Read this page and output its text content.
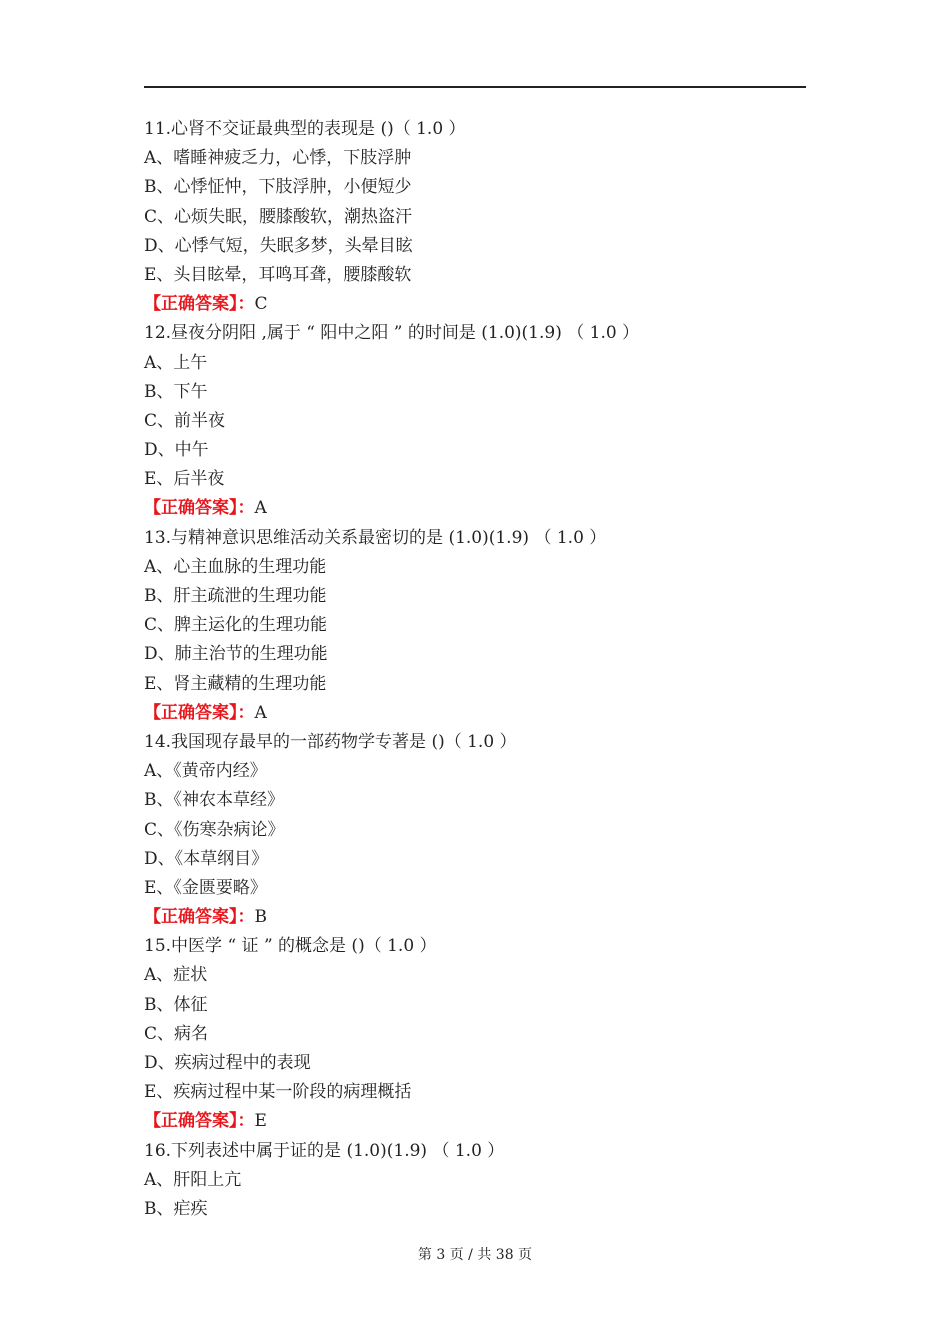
11.心肾不交证最典型的表现是 ()（ 1.0 ）
A、嗜睡神疲乏力，心悸，下肢浮肿
B、心悸怔忡，下肢浮肿，小便短少
C、心烦失眠，腰膝酸软，潮热盗汗
D、心悸气短，失眠多梦，头晕目眩
E、头目眩晕，耳鸣耳聋，腰膝酸软
【正确答案】：C
12.昼夜分阴阳 ,属于 “ 阳中之阳 ” 的时间是 (1.0)(1.9) （ 1.0 ）
A、上午
B、下午
C、前半夜
D、中午
E、后半夜
【正确答案】：A
13.与精神意识思维活动关系最密切的是 (1.0)(1.9) （ 1.0 ）
A、心主血脉的生理功能
B、肝主疏泄的生理功能
C、脾主运化的生理功能
D、肺主治节的生理功能
E、肾主藏精的生理功能
【正确答案】：A
14.我国现存最早的一部药物学专著是 ()（ 1.0 ）
A、《黄帝内经》
B、《神农本草经》
C、《伤寒杂病论》
D、《本草纲目》
E、《金匮要略》
【正确答案】：B
15.中医学 “ 证 ” 的概念是 ()（ 1.0 ）
A、症状
B、体征
C、病名
D、疾病过程中的表现
E、疾病过程中某一阶段的病理概括
【正确答案】：E
16.下列表述中属于证的是 (1.0)(1.9) （ 1.0 ）
A、肝阳上亢
B、疟疾
第 3 页 / 共 38 页
